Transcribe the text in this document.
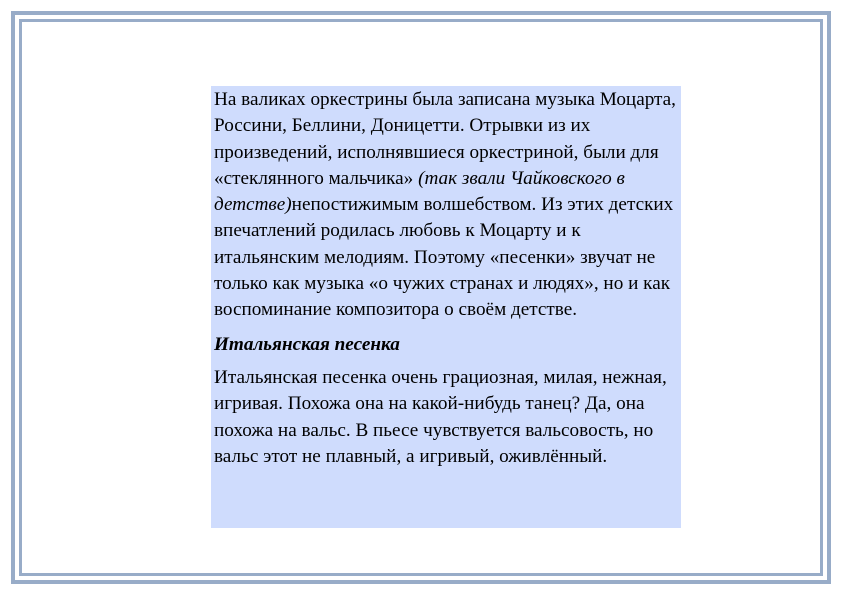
На валиках оркестрины была записана музыка Моцарта, Россини, Беллини, Доницетти. Отрывки из их произведений, исполнявшиеся оркестриной, были для «стеклянного мальчика» (так звали Чайковского в детстве)непостижимым волшебством. Из этих детских впечатлений родилась любовь к Моцарту и к итальянским мелодиям. Поэтому «песенки» звучат не только как музыка «о чужих странах и людях», но и как воспоминание композитора о своём детстве.

Итальянская песенка

Итальянская песенка очень грациозная, милая, нежная, игривая. Похожа она на какой-нибудь танец? Да, она похожа на вальс. В пьесе чувствуется вальсовость, но вальс этот не плавный, а игривый, оживлённый.
